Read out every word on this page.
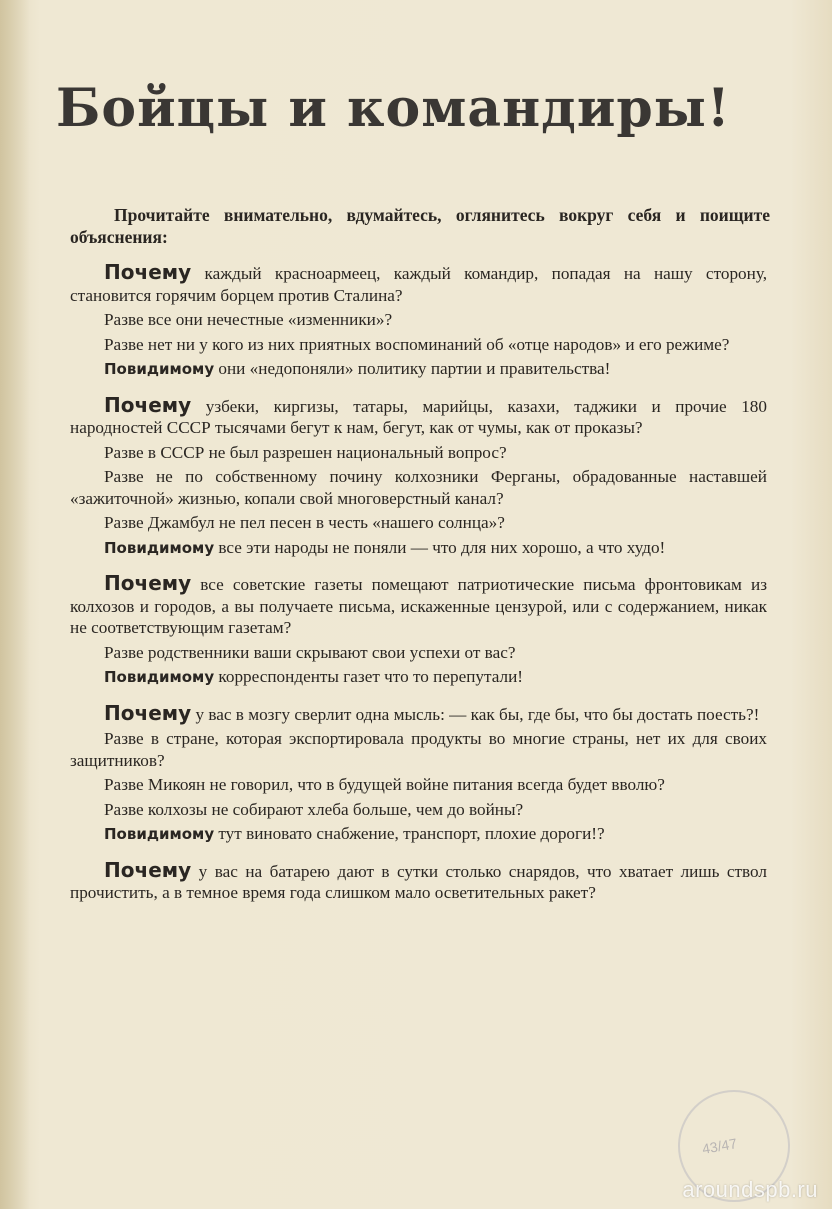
Бойцы и командиры!
Прочитайте внимательно, вдумайтесь, оглянитесь вокруг себя и поищите объяснения:
Почему каждый красноармеец, каждый командир, попадая на нашу сторону, становится горячим борцем против Сталина?
Разве все они нечестные «изменники»?
Разве нет ни у кого из них приятных воспоминаний об «отце народов» и его режиме?
Повидимому они «недопоняли» политику партии и правительства!
Почему узбеки, киргизы, татары, марийцы, казахи, таджики и прочие 180 народностей СССР тысячами бегут к нам, бегут, как от чумы, как от проказы?
Разве в СССР не был разрешен национальный вопрос?
Разве не по собственному почину колхозники Ферганы, обрадованные наставшей «зажиточной» жизнью, копали свой многоверстный канал?
Разве Джамбул не пел песен в честь «нашего солнца»?
Повидимому все эти народы не поняли — что для них хорошо, а что худо!
Почему все советские газеты помещают патриотические письма фронтовикам из колхозов и городов, а вы получаете письма, искаженные цензурой, или с содержанием, никак не соответствующим газетам?
Разве родственники ваши скрывают свои успехи от вас?
Повидимому корреспонденты газет что то перепутали!
Почему у вас в мозгу сверлит одна мысль: — как бы, где бы, что бы достать поесть?!
Разве в стране, которая экспортировала продукты во многие страны, нет их для своих защитников?
Разве Микоян не говорил, что в будущей войне питания всегда будет вволю?
Разве колхозы не собирают хлеба больше, чем до войны?
Повидимому тут виновато снабжение, транспорт, плохие дороги!?
Почему у вас на батарею дают в сутки столько снарядов, что хватает лишь ствол прочистить, а в темное время года слишком мало осветительных ракет?
43/47
aroundspb.ru
